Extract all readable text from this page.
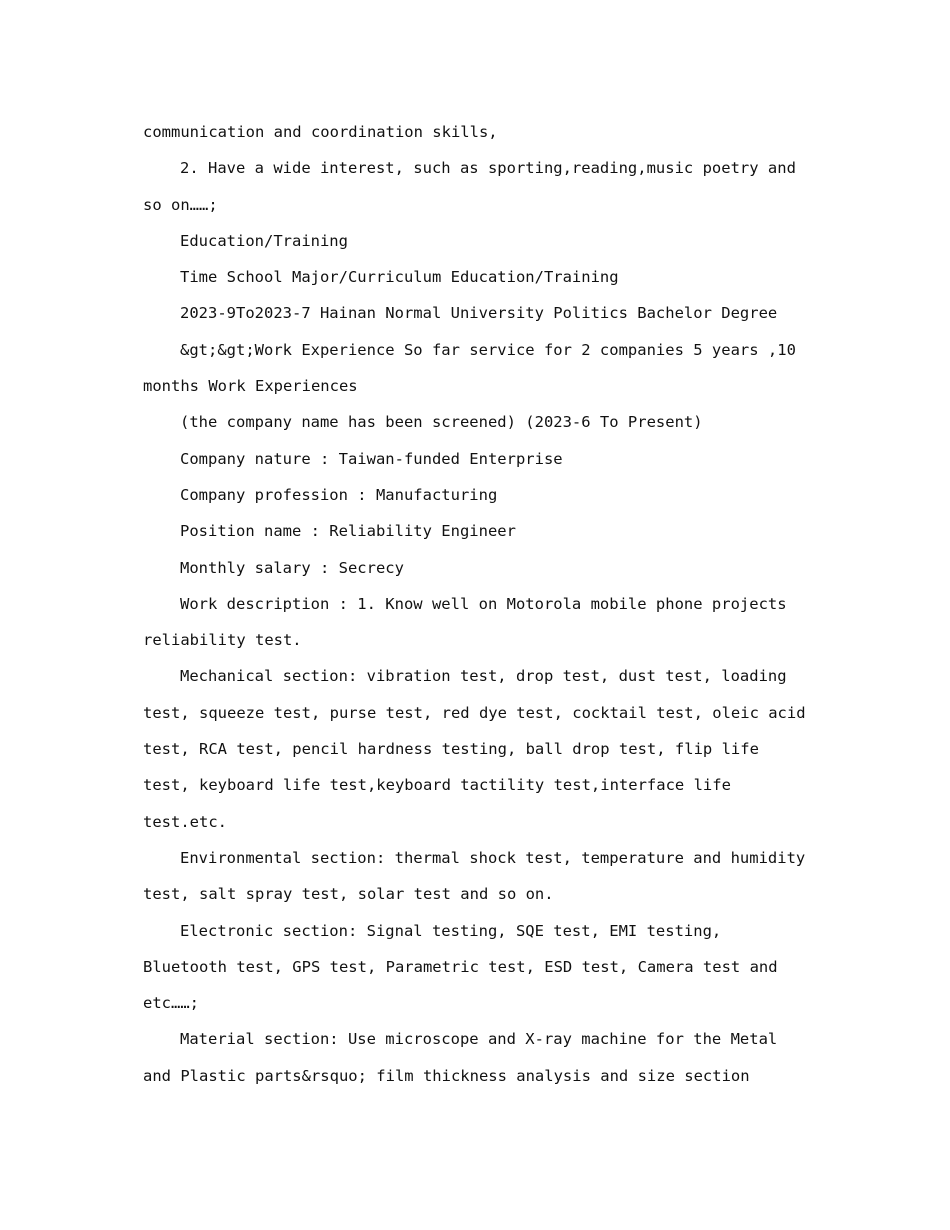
communication and coordination skills,

2. Have a wide interest, such as sporting,reading,music poetry and so on……;

Education/Training

Time School Major/Curriculum Education/Training

2023-9To2023-7 Hainan Normal University Politics Bachelor Degree

&gt;&gt;Work Experience So far service for 2 companies 5 years ,10 months Work Experiences

(the company name has been screened) (2023-6 To Present)

Company nature : Taiwan-funded Enterprise

Company profession : Manufacturing

Position name : Reliability Engineer

Monthly salary : Secrecy

Work description : 1. Know well on Motorola mobile phone projects reliability test.

Mechanical section: vibration test, drop test, dust test, loading test, squeeze test, purse test, red dye test, cocktail test, oleic acid test, RCA test, pencil hardness testing, ball drop test, flip life test, keyboard life test,keyboard tactility test,interface life test.etc.

Environmental section: thermal shock test, temperature and humidity test, salt spray test, solar test and so on.

Electronic section: Signal testing, SQE test, EMI testing, Bluetooth test, GPS test, Parametric test, ESD test, Camera test and etc……;

Material section: Use microscope and X-ray machine for the Metal and Plastic parts&rsquo; film thickness analysis and size section
